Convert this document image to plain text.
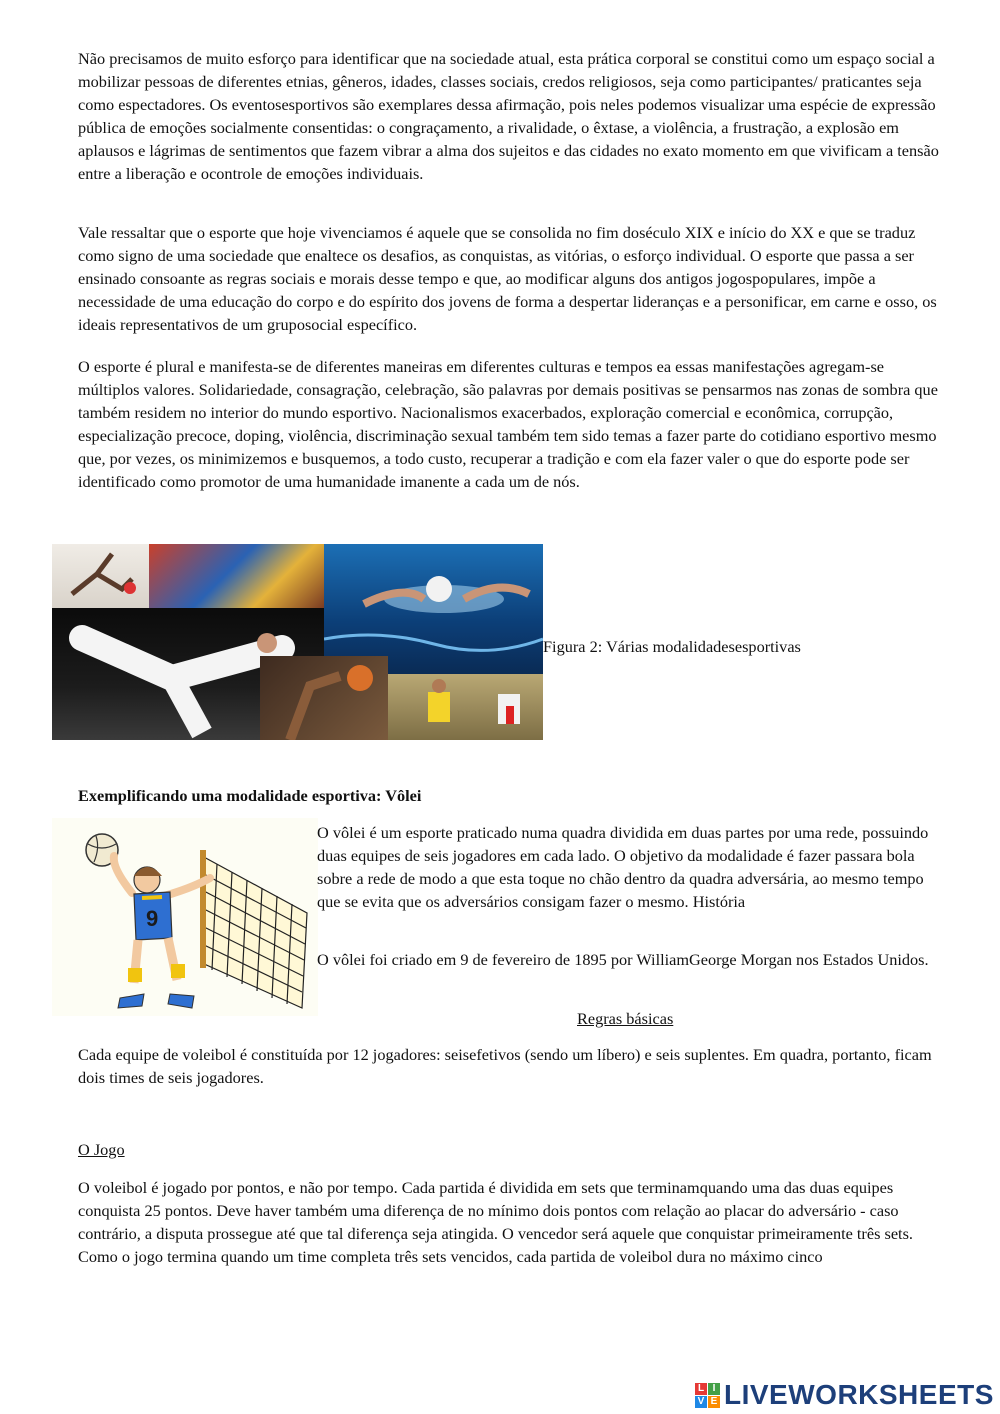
Não precisamos de muito esforço para identificar que na sociedade atual, esta prática corporal se constitui como um espaço social a mobilizar pessoas de diferentes etnias, gêneros, idades, classes sociais, credos religiosos, seja como participantes/ praticantes seja como espectadores. Os eventosesportivos são exemplares dessa afirmação, pois neles podemos visualizar uma espécie de expressão pública de emoções socialmente consentidas: o congraçamento, a rivalidade, o êxtase, a violência, a frustração, a explosão em aplausos e lágrimas de sentimentos que fazem vibrar a alma dos sujeitos e das cidades no exato momento em que vivificam a tensão entre a liberação e ocontrole de emoções individuais.

Vale ressaltar que o esporte que hoje vivenciamos é aquele que se consolida no fim doséculo XIX e início do XX e que se traduz como signo de uma sociedade que enaltece os desafios, as conquistas, as vitórias, o esforço individual. O esporte que passa a ser ensinado consoante as regras sociais e morais desse tempo e que, ao modificar alguns dos antigos jogospopulares, impõe a necessidade de uma educação do corpo e do espírito dos jovens de forma a despertar lideranças e a personificar, em carne e osso, os ideais representativos de um gruposocial específico.

O esporte é plural e manifesta-se de diferentes maneiras em diferentes culturas e tempos ea essas manifestações agregam-se múltiplos valores. Solidariedade, consagração, celebração, são palavras por demais positivas se pensarmos nas zonas de sombra que também residem no interior do mundo esportivo. Nacionalismos exacerbados, exploração comercial e econômica, corrupção, especialização precoce, doping, violência, discriminação sexual também tem sido temas a fazer parte do cotidiano esportivo mesmo que, por vezes, os minimizemos e busquemos, a todo custo, recuperar a tradição e com ela fazer valer o que do esporte pode ser identificado como promotor de uma humanidade imanente a cada um de nós.

Figura 2: Várias modalidadesesportivas
Exemplificando uma modalidade esportiva: Vôlei
9

O vôlei é um esporte praticado numa quadra dividida em duas partes por uma rede, possuindo duas equipes de seis jogadores em cada lado. O objetivo da modalidade é fazer passara bola sobre a rede de modo a que esta toque no chão dentro da quadra adversária, ao mesmo tempo que se evita que os adversários consigam fazer o mesmo. História

O vôlei foi criado em 9 de fevereiro de 1895 por WilliamGeorge Morgan nos Estados Unidos.

Regras básicas

Cada equipe de voleibol é constituída por 12 jogadores: seisefetivos (sendo um líbero) e seis suplentes. Em quadra, portanto, ficam dois times de seis jogadores.

O Jogo

O voleibol é jogado por pontos, e não por tempo. Cada partida é dividida em sets que terminamquando uma das duas equipes conquista 25 pontos. Deve haver também uma diferença de no mínimo dois pontos com relação ao placar do adversário - caso contrário, a disputa prossegue até que tal diferença seja atingida. O vencedor será aquele que conquistar primeiramente três sets. Como o jogo termina quando um time completa três sets vencidos, cada partida de voleibol dura no máximo cinco

L I
V E LIVEWORKSHEETS
